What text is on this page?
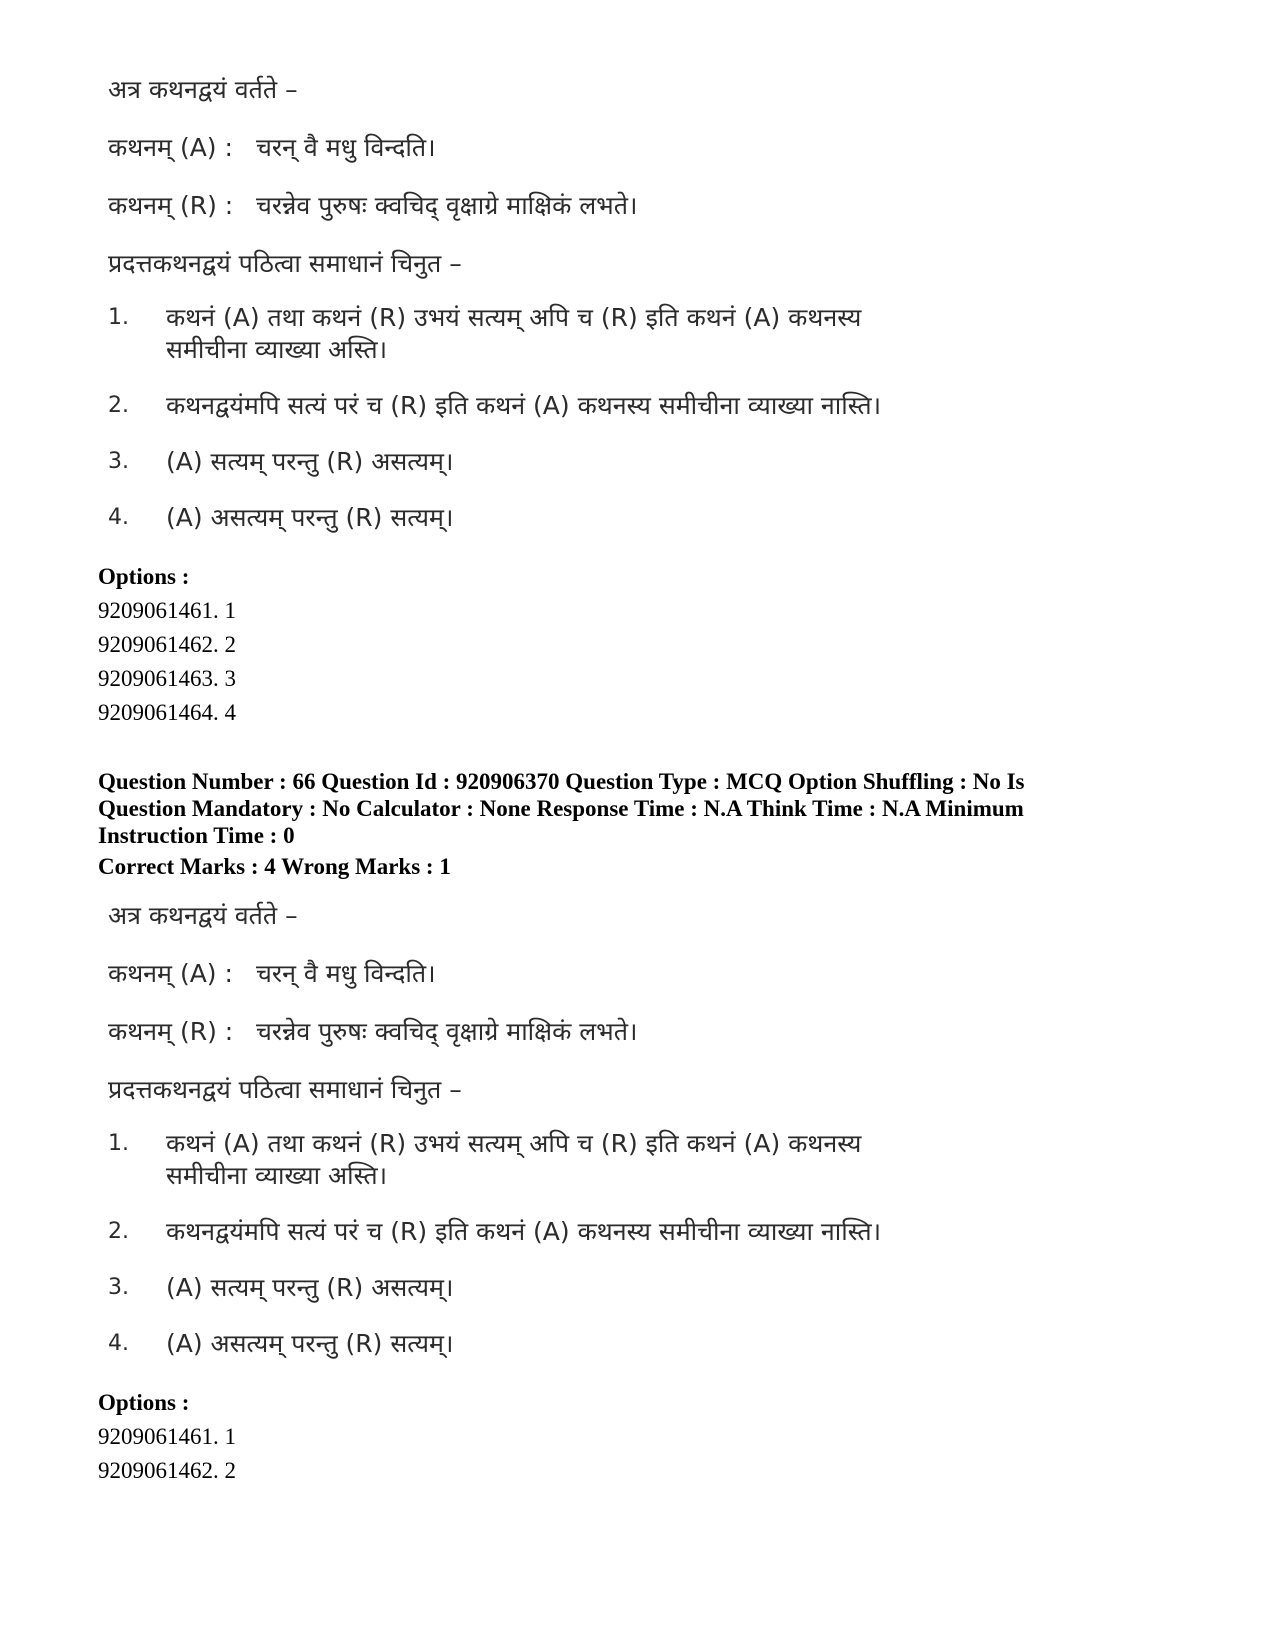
अत्र कथनद्वयं वर्तते –
कथनम् (A) : चरन् वै मधु विन्दति।
कथनम् (R) : चरन्नेव पुरुषः क्वचिद् वृक्षाग्रे माक्षिकं लभते।
प्रदत्तकथनद्वयं पठित्वा समाधानं चिनुत –
1.	कथनं (A) तथा कथनं (R) उभयं सत्यम् अपि च (R) इति कथनं (A) कथनस्य समीचीना व्याख्या अस्ति।
2.	कथनद्वयंमपि सत्यं परं च (R) इति कथनं (A) कथनस्य समीचीना व्याख्या नास्ति।
3.	(A) सत्यम् परन्तु (R) असत्यम्।
4.	(A) असत्यम् परन्तु (R) सत्यम्।
Options :
9209061461. 1
9209061462. 2
9209061463. 3
9209061464. 4
Question Number : 66 Question Id : 920906370 Question Type : MCQ Option Shuffling : No Is Question Mandatory : No Calculator : None Response Time : N.A Think Time : N.A Minimum Instruction Time : 0
Correct Marks : 4 Wrong Marks : 1
अत्र कथनद्वयं वर्तते –
कथनम् (A) : चरन् वै मधु विन्दति।
कथनम् (R) : चरन्नेव पुरुषः क्वचिद् वृक्षाग्रे माक्षिकं लभते।
प्रदत्तकथनद्वयं पठित्वा समाधानं चिनुत –
1.	कथनं (A) तथा कथनं (R) उभयं सत्यम् अपि च (R) इति कथनं (A) कथनस्य समीचीना व्याख्या अस्ति।
2.	कथनद्वयंमपि सत्यं परं च (R) इति कथनं (A) कथनस्य समीचीना व्याख्या नास्ति।
3.	(A) सत्यम् परन्तु (R) असत्यम्।
4.	(A) असत्यम् परन्तु (R) सत्यम्।
Options :
9209061461. 1
9209061462. 2
